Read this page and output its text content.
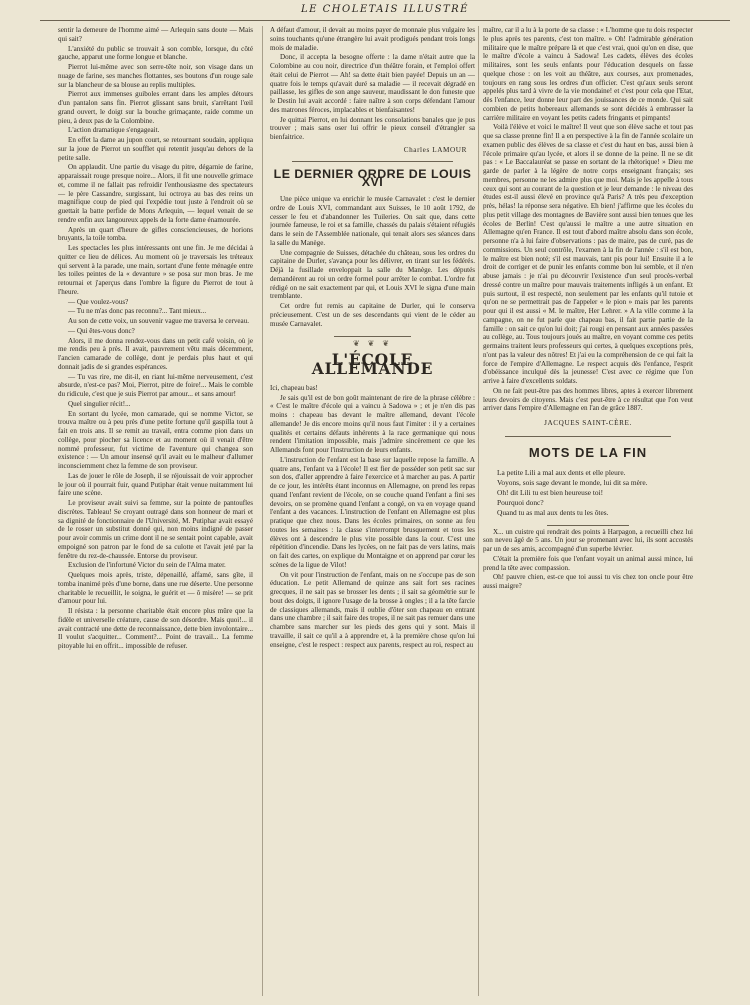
LE CHOLETAIS ILLUSTRÉ

sentir la demeure de l'homme aimé — Arlequin sans doute — Mais qui sait?

L'anxiété du public se trouvait à son comble, lorsque, du côté gauche, apparut une forme longue et blanche.

Pierrot lui-même avec son serre-tête noir, son visage dans un nuage de farine, ses manches flottantes, ses boutons d'un rouge sale sur la blancheur de sa blouse au replis multiples.

Pierrot aux immenses guiboles errant dans les amples détours d'un pantalon sans fin. Pierrot glissant sans bruit, s'arrêtant l'œil grand ouvert, le doigt sur la bouche grimaçante, raide comme un pieu, à deux pas de la Colombine.

L'action dramatique s'engageait.

En effet la dame au jupon court, se retournant soudain, appliqua sur la joue de Pierrot un soufflet qui retentit jusqu'au dehors de la petite salle.

On applaudit. Une partie du visage du pitre, dégarnie de farine, apparaissait rouge presque noire... Alors, il fit une nouvelle grimace et, comme il ne fallait pas refroidir l'enthousiasme des spectateurs — le père Cassandre, surgissant, lui octroya au bas des reins un magnifique coup de pied qui l'expédie tout juste à l'endroit où se guettait la batte perfide de Mons Arlequin, — lequel venait de se rendre enfin aux langoureux appels de la forte dame énamourée.

Après un quart d'heure de gifles consciencieuses, de horions bruyants, la toile tomba.

Les spectacles les plus intéressants ont une fin. Je me décidai à quitter ce lieu de délices. Au moment où je traversais les tréteaux qui servent à la parade, une main, sortant d'une fente ménagée entre les toiles peintes de la « devanture » se posa sur mon bras. Je me retournai et j'aperçus dans l'ombre la figure du Pierrot de tout à l'heure.

— Que voulez-vous?

— Tu ne m'as donc pas reconnu?... Tant mieux...

Au son de cette voix, un souvenir vague me traversa le cerveau.

— Qui êtes-vous donc?

Alors, il me donna rendez-vous dans un petit café voisin, où je me rendis peu à près. Il avait, pauvrement vêtu mais décemment, l'ancien camarade de collège, dont je perdais plus haut et qui donnait jadis de si grandes espérances.

— Tu vas rire, me dit-il, en riant lui-même nerveusement, c'est absurde, n'est-ce pas? Moi, Pierrot, pitre de foire!... Mais le comble du ridicule, c'est que je suis Pierrot par amour... et sans amour!

Quel singulier récit!...

En sortant du lycée, mon camarade, qui se nomme Victor, se trouva maître ou à peu près d'une petite fortune qu'il gaspilla tout à fait en trois ans. Il se remit au travail, entra comme pion dans un collège, pour piocher sa licence et au moment où il venait d'être nommé professeur, fut victime de l'aventure qui changea son existence : — Un amour insensé qu'il avait eu le malheur d'allumer inconsciemment chez la femme de son proviseur.

Las de jouer le rôle de Joseph, il se réjouissait de voir approcher le jour où il pourrait fuir, quand Putiphar était venue nuitamment lui faire une scène.

Le proviseur avait suivi sa femme, sur la pointe de pantoufles discrètes. Tableau! Se croyant outragé dans son honneur de mari et sa dignité de fonctionnaire de l'Université, M. Putiphar avait essayé de le rosser un substitut donné qui, non moins indigné de passer pour avoir commis un crime dont il ne se sentait point capable, avait empoigné son patron par le fond de sa culotte et l'avait jeté par la fenêtre du rez-de-chaussée. Entorse du proviseur.

Exclusion de l'infortuné Victor du sein de l'Alma mater.

Quelques mois après, triste, dépenaillé, affamé, sans gîte, il tomba inanimé près d'une borne, dans une rue déserte. Une personne charitable le recueillit, le soigna, le guérit et — ô misère! — se prit d'amour pour lui.

Il résista : la personne charitable était encore plus mûre que la fidèle et universelle créature, cause de son désordre. Mais quoi!... il avait contracté une dette de reconnaissance, dette bien involontaire... Il voulut s'acquitter... Comment?... Point de travail... La femme pitoyable lui en offrit... impossible de refuser.

A défaut d'amour, il devait au moins payer de monnaie plus vulgaire les soins touchants qu'une étrangère lui avait prodigués pendant trois longs mois de maladie.

Donc, il accepta la besogne offerte : la dame n'était autre que la Colombine au cou noir, directrice d'un théâtre forain, et l'emploi offert était celui de Pierrot — Ah! sa dette était bien payée! Depuis un an — quatre fois le temps qu'avait duré sa maladie — il recevait dégradé en paillasse, les gifles de son ange sauveur, maudissant le don funeste que le Destin lui avait accordé : faire naître à son corps défendant l'amour des matrones féroces, implacables et bienfaisantes!

Je quittai Pierrot, en lui donnant les consolations banales que je pus trouver ; mais sans oser lui offrir le pieux conseil d'étrangler sa bienfaitrice.

Charles LAMOUR
LE DERNIER ORDRE DE LOUIS XVI

Une pièce unique va enrichir le musée Carnavalet : c'est le dernier ordre de Louis XVI, commandant aux Suisses, le 10 août 1792, de cesser le feu et d'abandonner les Tuileries. On sait que, dans cette journée fameuse, le roi et sa famille, chassés du palais s'étaient réfugiés dans le sein de l'Assemblée nationale, qui tenait alors ses séances dans la salle du Manège.

Une compagnie de Suisses, détachée du château, sous les ordres du capitaine de Durler, s'avança pour les délivrer, en tirant sur les fédérés. Déjà la fusillade enveloppait la salle du Manège. Les députés demandèrent au roi un ordre formel pour arrêter le combat. L'ordre fut rédigé on ne sait exactement par qui, et Louis XVI le signa d'une main tremblante.

Cet ordre fut remis au capitaine de Durler, qui le conserva précieusement. C'est un de ses descendants qui vient de le céder au musée Carnavalet.

❦ ❦ ❦
L'ÉCOLE ALLEMANDE

Ici, chapeau bas!

Je sais qu'il est de bon goût maintenant de rire de la phrase célèbre : « C'est le maître d'école qui a vaincu à Sadowa » ; et je n'en dis pas moins : chapeau bas devant le maître allemand, devant l'école allemande! Je dis encore moins qu'il nous faut l'imiter : il y a certaines qualités et certains défauts inhérents à la race germanique qui nous rendent l'imitation impossible, mais j'admire sincèrement ce que les Allemands font pour l'instruction de leurs enfants.

L'instruction de l'enfant est la base sur laquelle repose la famille. A quatre ans, l'enfant va à l'école! Il est fier de posséder son petit sac sur son dos, d'aller apprendre à faire l'exercice et à marcher au pas. A partir de ce jour, les intérêts étant inconnus en Allemagne, on prend les repas quand l'enfant revient de l'école, on se couche quand l'enfant a fini ses devoirs, on se promène quand l'enfant a congé, on va en voyage quand l'enfant a des vacances. L'instruction de l'enfant en Allemagne est plus pratique que chez nous. Dans les écoles primaires, on sonne au feu toutes les semaines : la classe s'interrompt brusquement et tous les élèves ont à descendre le plus vite possible dans la cour. C'est une répétition d'incendie. Dans les lycées, on ne fait pas de vers latins, mais on fait des cartes, on explique du Montaigne et on apprend par cœur les scènes de la ligue de Vilot!

On vit pour l'instruction de l'enfant, mais on ne s'occupe pas de son éducation. Le petit Allemand de quinze ans sait fort ses racines grecques, il ne sait pas se brosser les dents ; il sait sa géométrie sur le bout des doigts, il ignore l'usage de la brosse à ongles ; il a la tête farcie de classiques allemands, mais il oublie d'ôter son chapeau en entrant dans une chambre ; il sait faire des tropes, il ne sait pas remuer dans une chambre sans marcher sur les pieds des gens qui y sont. Mais il travaille, il sait ce qu'il a à apprendre et, à la première chose qu'on lui enseigne, c'est le respect : respect aux parents, respect au roi, respect au

maître, car il a lu à la porte de sa classe : « L'homme que tu dois respecter le plus après tes parents, c'est ton maître. » Oh! l'admirable génération militaire que le maître prépare là et que c'est vrai, quoi qu'on en dise, que le maître d'école a vaincu à Sadowa! Les cadets, élèves des écoles militaires, sont les seuls enfants pour l'éducation desquels on fasse quelque chose : on les voit au théâtre, aux courses, aux promenades, toujours en rang sous les ordres d'un officier. C'est qu'aux seuls seront appelés plus tard à vivre de la vie mondaine! et c'est pour cela que l'Etat, dès l'enfance, leur donne leur part des jouissances de ce monde. Qui sait combien de petits hobereaux allemands se sont décidés à embrasser la carrière militaire en voyant les petits cadets fringants et pimpants!

Voilà l'élève et voici le maître! Il veut que son élève sache et tout pas que sa classe prenne fin! Il a en perspective à la fin de l'année scolaire un examen public des élèves de sa classe et c'est du haut en bas, aussi bien à l'école primaire qu'au lycée, et alors il se donne de la peine. Il ne se dit pas : « Le Baccalauréat se passe en sortant de la rhétorique! » Dieu me garde de parler à la légère de notre corps enseignant français; ses membres, personne ne les admire plus que moi. Mais je les appelle à tous ceux qui sont au courant de la question et je leur demande : le niveau des études est-il aussi élevé en province qu'à Paris? A très peu d'exception près, hélas! la réponse sera négative. Eh bien! j'affirme que les écoles du plus petit village des montagnes de Bavière sont aussi bien tenues que les écoles de Berlin! C'est qu'aussi le maître a une autre situation en Allemagne qu'en France. Il est tout d'abord maître absolu dans son école, personne n'a à lui faire d'observations : pas de maire, pas de curé, pas de commissions. Un seul contrôle, l'examen à la fin de l'année : s'il est bon, le maître est bien noté; s'il est mauvais, tant pis pour lui! Ensuite il a le droit de corriger et de punir les enfants comme bon lui semble, et il n'en abuse jamais : je n'ai pu découvrir l'existence d'un seul procès-verbal dressé contre un maître pour mauvais traitements infligés à un enfant. Et puis surtout, il est respecté, non seulement par les enfants qu'il tutoie et qu'on ne se permettrait pas de l'appeler « le pion » mais par les parents pour qui il est aussi « M. le maître, Her Lehrer. » A la ville comme à la campagne, on ne fut parle que chapeau bas, il fait partie partie de la famille : on sait ce qu'on lui doit; j'ai rougi en pensant aux années passées au collège, au. Tous toujours joués au maître, en voyant comme ces petits germains traitent leurs professeurs qui certes, à quelques exceptions près, n'ont pas la valeur des nôtres! Et j'ai eu la compréhension de ce qui fait la force de l'empire d'Allemagne. Le respect acquis dès l'enfance, l'esprit d'obéissance inculqué dès la jeunesse! C'est avec ce régime que l'on arrive à faire d'excellents soldats.

On ne fait peut-être pas des hommes libres, aptes à exercer librement leurs devoirs de citoyens. Mais c'est peut-être à ce résultat que l'on veut arriver dans l'empire d'Allemagne en l'an de grâce 1887.

JACQUES SAINT-CÈRE.
MOTS DE LA FIN

La petite Lili a mal aux dents et elle pleure.

Voyons, sois sage devant le monde, lui dit sa mère.

Oh! dit Lili tu est bien heureuse toi!

Pourquoi donc?

Quand tu as mal aux dents tu les ôtes.

X... un cuistre qui rendrait des points à Harpagon, a recueilli chez lui son neveu âgé de 5 ans. Un jour se promenant avec lui, ils sont accostés par un de ses amis, accompagné d'un superbe lévrier.

C'était la première fois que l'enfant voyait un animal aussi mince, lui prend la tête avec compassion.

Oh! pauvre chien, est-ce que toi aussi tu vis chez ton oncle pour être aussi maigre?
